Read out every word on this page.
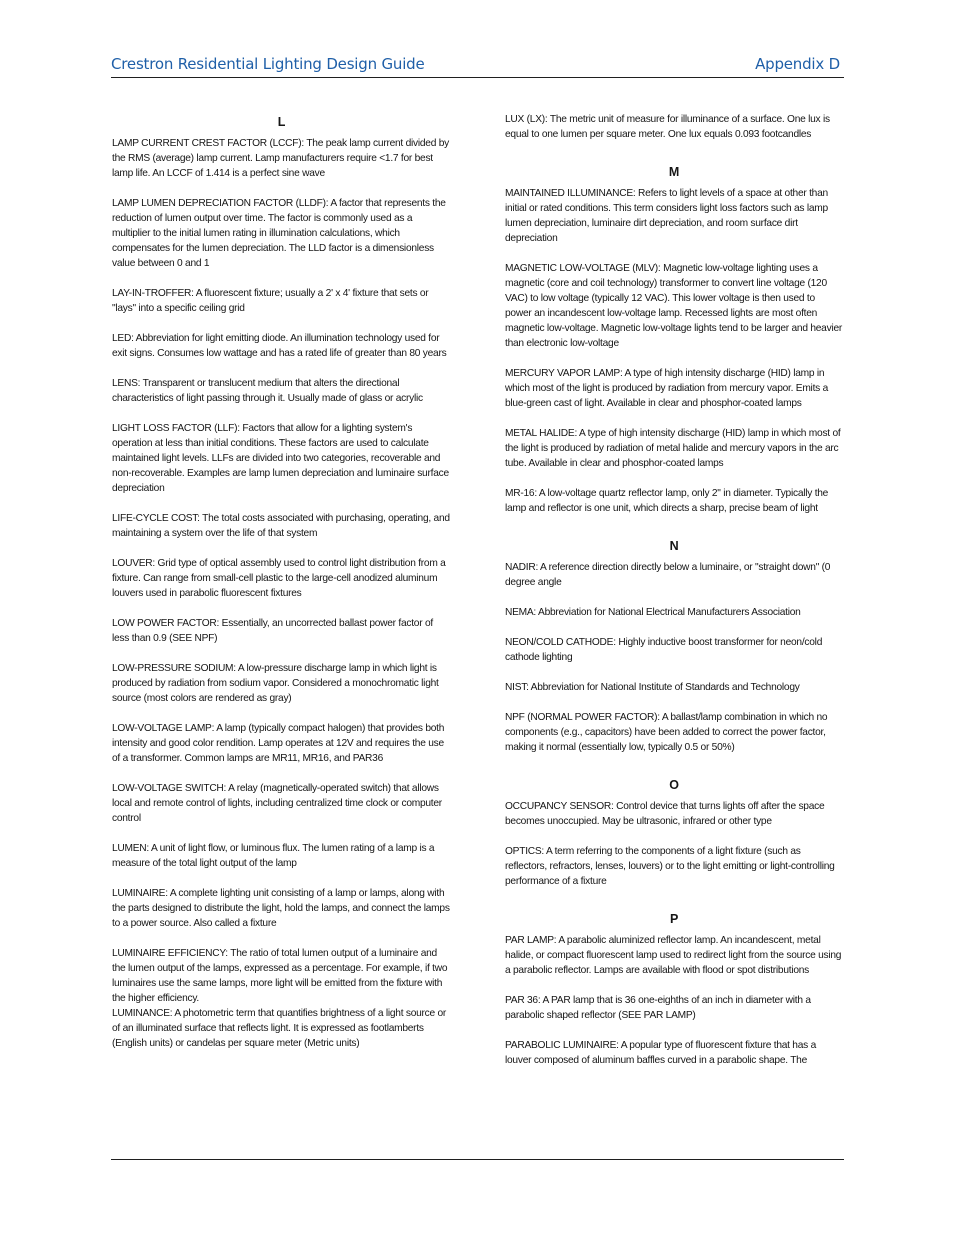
Crestron Residential Lighting Design Guide	Appendix D
L
LAMP CURRENT CREST FACTOR (LCCF): The peak lamp current divided by the RMS (average) lamp current. Lamp manufacturers require <1.7 for best lamp life. An LCCF of 1.414 is a perfect sine wave
LAMP LUMEN DEPRECIATION FACTOR (LLDF): A factor that represents the reduction of lumen output over time. The factor is commonly used as a multiplier to the initial lumen rating in illumination calculations, which compensates for the lumen depreciation. The LLD factor is a dimensionless value between 0 and 1
LAY-IN-TROFFER: A fluorescent fixture; usually a 2' x 4' fixture that sets or "lays" into a specific ceiling grid
LED: Abbreviation for light emitting diode. An illumination technology used for exit signs. Consumes low wattage and has a rated life of greater than 80 years
LENS: Transparent or translucent medium that alters the directional characteristics of light passing through it. Usually made of glass or acrylic
LIGHT LOSS FACTOR (LLF): Factors that allow for a lighting system's operation at less than initial conditions. These factors are used to calculate maintained light levels. LLFs are divided into two categories, recoverable and non-recoverable. Examples are lamp lumen depreciation and luminaire surface depreciation
LIFE-CYCLE COST: The total costs associated with purchasing, operating, and maintaining a system over the life of that system
LOUVER: Grid type of optical assembly used to control light distribution from a fixture. Can range from small-cell plastic to the large-cell anodized aluminum louvers used in parabolic fluorescent fixtures
LOW POWER FACTOR: Essentially, an uncorrected ballast power factor of less than 0.9 (SEE NPF)
LOW-PRESSURE SODIUM: A low-pressure discharge lamp in which light is produced by radiation from sodium vapor. Considered a monochromatic light source (most colors are rendered as gray)
LOW-VOLTAGE LAMP: A lamp (typically compact halogen) that provides both intensity and good color rendition. Lamp operates at 12V and requires the use of a transformer. Common lamps are MR11, MR16, and PAR36
LOW-VOLTAGE SWITCH: A relay (magnetically-operated switch) that allows local and remote control of lights, including centralized time clock or computer control
LUMEN: A unit of light flow, or luminous flux. The lumen rating of a lamp is a measure of the total light output of the lamp
LUMINAIRE: A complete lighting unit consisting of a lamp or lamps, along with the parts designed to distribute the light, hold the lamps, and connect the lamps to a power source. Also called a fixture
LUMINAIRE EFFICIENCY: The ratio of total lumen output of a luminaire and the lumen output of the lamps, expressed as a percentage. For example, if two luminaires use the same lamps, more light will be emitted from the fixture with the higher efficiency.
LUMINANCE: A photometric term that quantifies brightness of a light source or of an illuminated surface that reflects light. It is expressed as footlamberts (English units) or candelas per square meter (Metric units)
LUX (LX): The metric unit of measure for illuminance of a surface. One lux is equal to one lumen per square meter. One lux equals 0.093 footcandles
M
MAINTAINED ILLUMINANCE: Refers to light levels of a space at other than initial or rated conditions. This term considers light loss factors such as lamp lumen depreciation, luminaire dirt depreciation, and room surface dirt depreciation
MAGNETIC LOW-VOLTAGE (MLV): Magnetic low-voltage lighting uses a magnetic (core and coil technology) transformer to convert line voltage (120 VAC) to low voltage (typically 12 VAC). This lower voltage is then used to power an incandescent low-voltage lamp. Recessed lights are most often magnetic low-voltage. Magnetic low-voltage lights tend to be larger and heavier than electronic low-voltage
MERCURY VAPOR LAMP: A type of high intensity discharge (HID) lamp in which most of the light is produced by radiation from mercury vapor. Emits a blue-green cast of light. Available in clear and phosphor-coated lamps
METAL HALIDE: A type of high intensity discharge (HID) lamp in which most of the light is produced by radiation of metal halide and mercury vapors in the arc tube. Available in clear and phosphor-coated lamps
MR-16: A low-voltage quartz reflector lamp, only 2" in diameter. Typically the lamp and reflector is one unit, which directs a sharp, precise beam of light
N
NADIR: A reference direction directly below a luminaire, or "straight down" (0 degree angle
NEMA: Abbreviation for National Electrical Manufacturers Association
NEON/COLD CATHODE: Highly inductive boost transformer for neon/cold cathode lighting
NIST: Abbreviation for National Institute of Standards and Technology
NPF (NORMAL POWER FACTOR): A ballast/lamp combination in which no components (e.g., capacitors) have been added to correct the power factor, making it normal (essentially low, typically 0.5 or 50%)
O
OCCUPANCY SENSOR: Control device that turns lights off after the space becomes unoccupied. May be ultrasonic, infrared or other type
OPTICS: A term referring to the components of a light fixture (such as reflectors, refractors, lenses, louvers) or to the light emitting or light-controlling performance of a fixture
P
PAR LAMP: A parabolic aluminized reflector lamp. An incandescent, metal halide, or compact fluorescent lamp used to redirect light from the source using a parabolic reflector. Lamps are available with flood or spot distributions
PAR 36: A PAR lamp that is 36 one-eighths of an inch in diameter with a parabolic shaped reflector (SEE PAR LAMP)
PARABOLIC LUMINAIRE: A popular type of fluorescent fixture that has a louver composed of aluminum baffles curved in a parabolic shape. The
